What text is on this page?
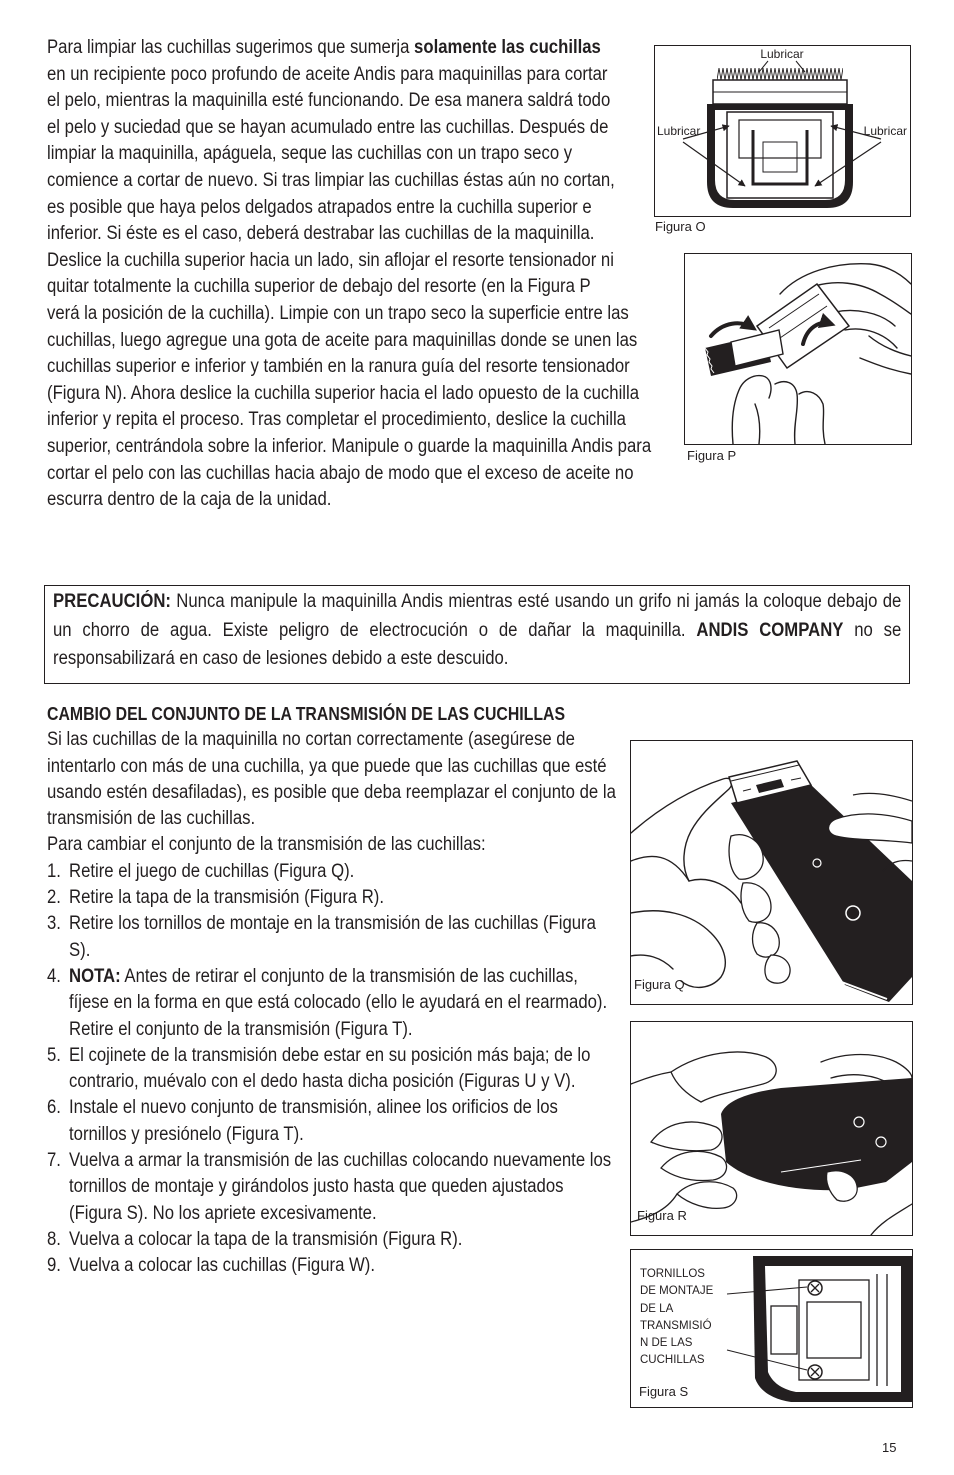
Para limpiar las cuchillas sugerimos que sumerja solamente las cuchillas en un recipiente poco profundo de aceite Andis para maquinillas para cortar el pelo, mientras la maquinilla esté funcionando. De esa manera saldrá todo el pelo y suciedad que se hayan acumulado entre las cuchillas. Después de limpiar la maquinilla, apáguela, seque las cuchillas con un trapo seco y comience a cortar de nuevo. Si tras limpiar las cuchillas éstas aún no cortan, es posible que haya pelos delgados atrapados entre la cuchilla superior e inferior. Si éste es el caso, deberá destrabar las cuchillas de la maquinilla. Deslice la cuchilla superior hacia un lado, sin aflojar el resorte tensionador ni quitar totalmente la cuchilla superior de debajo del resorte (en la Figura P verá la posición de la cuchilla). Limpie con un trapo seco la superficie entre las cuchillas, luego agregue una gota de aceite para maquinillas donde se unen las cuchillas superior e inferior y también en la ranura guía del resorte tensionador (Figura N). Ahora deslice la cuchilla superior hacia el lado opuesto de la cuchilla inferior y repita el proceso. Tras completar el procedimiento, deslice la cuchilla superior, centrándola sobre la inferior. Manipule o guarde la maquinilla Andis para cortar el pelo con las cuchillas hacia abajo de modo que el exceso de aceite no escurra dentro de la caja de la unidad.

Lubricar
Lubricar	Lubricar
Figura O
Figura P
PRECAUCIÓN: Nunca manipule la maquinilla Andis mientras esté usando un grifo ni jamás la coloque debajo de un chorro de agua. Existe peligro de electrocución o de dañar la maquinilla. ANDIS COMPANY no se responsabilizará en caso de lesiones debido a este descuido.
CAMBIO DEL CONJUNTO DE LA TRANSMISIÓN DE LAS CUCHILLAS

Si las cuchillas de la maquinilla no cortan correctamente (asegúrese de intentarlo con más de una cuchilla, ya que puede que las cuchillas que esté usando estén desafiladas), es posible que deba reemplazar el conjunto de la transmisión de las cuchillas.

Para cambiar el conjunto de la transmisión de las cuchillas:

1. Retire el juego de cuchillas (Figura Q).
2. Retire la tapa de la transmisión (Figura R).
3. Retire los tornillos de montaje en la transmisión de las cuchillas (Figura S).
4. NOTA: Antes de retirar el conjunto de la transmisión de las cuchillas, fíjese en la forma en que está colocado (ello le ayudará en el rearmado). Retire el conjunto de la transmisión (Figura T).
5. El cojinete de la transmisión debe estar en su posición más baja; de lo contrario, muévalo con el dedo hasta dicha posición (Figuras U y V).
6. Instale el nuevo conjunto de transmisión, alinee los orificios de los tornillos y presiónelo (Figura T).
7. Vuelva a armar la transmisión de las cuchillas colocando nuevamente los tornillos de montaje y girándolos justo hasta que queden ajustados (Figura S). No los apriete excesivamente.
8. Vuelva a colocar la tapa de la transmisión (Figura R).
9. Vuelva a colocar las cuchillas (Figura W).
Figura Q
Figura R
TORNILLOS
DE MONTAJE
DE LA
TRANSMISIÓ
N DE LAS
CUCHILLAS
Figura S
15
